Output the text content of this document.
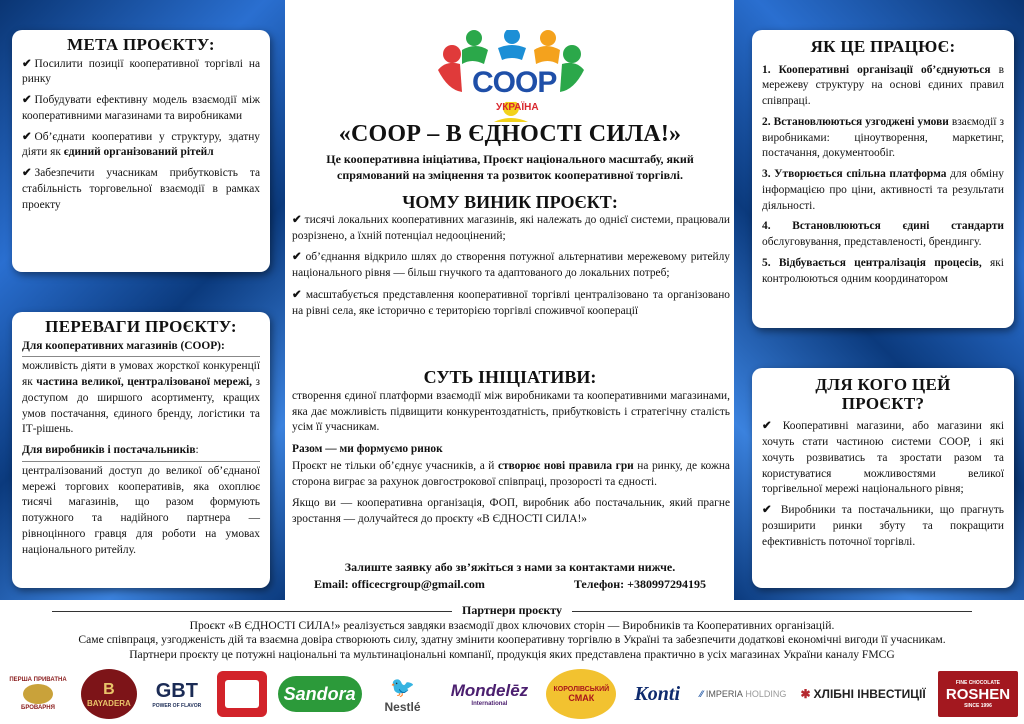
МЕТА ПРОЄКТУ:

✔ Посилити позиції кооперативної торгівлі на ринку

✔ Побудувати ефективну модель взаємодії між кооперативними магазинами та виробниками

✔ Об’єднати кооперативи у структуру, здатну діяти як єдиний організований рітейл

✔ Забезпечити учасникам прибутковість та стабільність торговельної взаємодії в рамках проекту

ПЕРЕВАГИ ПРОЄКТУ:

Для кооперативних магазинів (СООР):

можливість діяти в умовах жорсткої конкуренції як частина великої, централізованої мережі, з доступом до ширшого асортименту, кращих умов постачання, єдиного бренду, логістики та ІТ-рішень.

Для виробників і постачальників:

централізований доступ до великої об’єднаної мережі торгових кооперативів, яка охоплює тисячі магазинів, що разом формують потужного та надійного партнера — рівноцінного гравця для роботи на умовах національного ритейлу.

COOP
УКРАЇНА
«СООР – В ЄДНОСТІ СИЛА!»
Це кооперативна ініціатива, Проєкт національного масштабу, який спрямований на зміцнення та розвиток кооперативної торгівлі.
ЧОМУ ВИНИК ПРОЄКТ:

✔ тисячі локальних кооперативних магазинів, які належать до однієї системи, працювали розрізнено, а їхній потенціал недооцінений;

✔ об’єднання відкрило шлях до створення потужної альтернативи мережевому ритейлу національного рівня — більш гнучкого та адаптованого до локальних потреб;

✔ масштабується представлення кооперативної торгівлі централізовано та організовано на рівні села, яке історично є територією торгівлі споживчої кооперації

СУТЬ ІНІЦІАТИВИ:

створення єдиної платформи взаємодії між виробниками та кооперативними магазинами, яка дає можливість підвищити конкурентоздатність, прибутковість і стратегічну сталість усім її учасникам.

Разом — ми формуємо ринок

Проєкт не тільки об’єднує учасників, а й створює нові правила гри на ринку, де кожна сторона виграє за рахунок довгострокової співпраці, прозорості та єдності.

Якщо ви — кооперативна організація, ФОП, виробник або постачальник, який прагне зростання — долучайтеся до проєкту «В ЄДНОСТІ СИЛА!»

Залиште заявку або зв’яжіться з нами за контактами нижче.
Email: officecrgroup@gmail.com	Телефон: +380997294195
ЯК ЦЕ ПРАЦЮЄ:

1. Кооперативні організації об’єднуються в мережеву структуру на основі єдиних правил співпраці.

2. Встановлюються узгоджені умови взаємодії з виробниками: ціноутворення, маркетинг, постачання, документообіг.

3. Утворюється спільна платформа для обміну інформацією про ціни, активності та результати діяльності.

4. Встановлюються єдині стандарти обслуговування, представленості, брендингу.

5. Відбувається централізація процесів, які контролюються одним координатором

ДЛЯ КОГО ЦЕЙ ПРОЄКТ?

✔ Кооперативні магазини, або магазини які хочуть стати частиною системи СООР, і які хочуть розвиватись та зростати разом та користуватися можливостями великої торгівельної мережі національного рівня;

✔ Виробники та постачальники, що прагнуть розширити ринки збуту та покращити ефективність поточної торгівлі.

Партнери проєкту
Проєкт «В ЄДНОСТІ СИЛА!» реалізується завдяки взаємодії двох ключових сторін — Виробників та Кооперативних організацій.
Саме співпраця, узгодженість дій та взаємна довіра створюють силу, здатну змінити кооперативну торгівлю в Україні та забезпечити додаткові економічні вигоди її учасникам.
Партнери проєкту це потужні національні та мультинаціональні компанії, продукція яких представлена практично в усіх магазинах України каналу FMCG
ПЕРША ПРИВАТНА
БРОВАРНЯ
B
BAYADERA
GBT
POWER OF FLAVOR
Sandora 🐦
Nestlé
Mondelēz
International
КОРОЛІВСЬКИЙ
СМАК	Konti	⁄⁄ IMPERIA
HOLDING ✱ ХЛІБНІ ІНВЕСТИЦІЇ
FINE CHOCOLATE
ROSHEN
SINCE 1996
